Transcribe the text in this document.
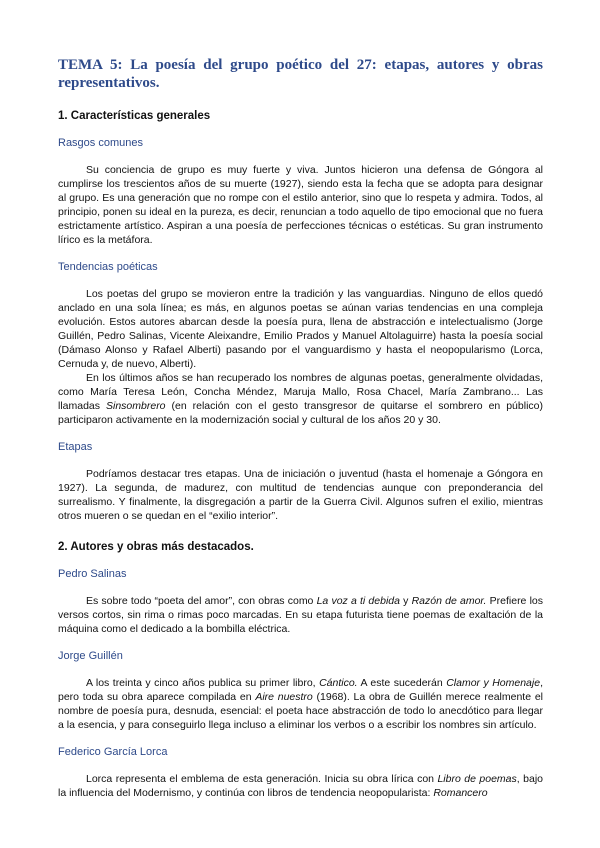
TEMA 5: La poesía del grupo poético del 27: etapas, autores y obras representativos.
1. Características generales
Rasgos comunes

Su conciencia de grupo es muy fuerte y viva. Juntos hicieron una defensa de Góngora al cumplirse los trescientos años de su muerte (1927), siendo esta la fecha que se adopta para designar al grupo. Es una generación que no rompe con el estilo anterior, sino que lo respeta y admira. Todos, al principio, ponen su ideal en la pureza, es decir, renuncian a todo aquello de tipo emocional que no fuera estrictamente artístico. Aspiran a una poesía de perfecciones técnicas o estéticas. Su gran instrumento lírico es la metáfora.

Tendencias poéticas

Los poetas del grupo se movieron entre la tradición y las vanguardias. Ninguno de ellos quedó anclado en una sola línea; es más, en algunos poetas se aúnan varias tendencias en una compleja evolución. Estos autores abarcan desde la poesía pura, llena de abstracción e intelectualismo (Jorge Guillén, Pedro Salinas, Vicente Aleixandre, Emilio Prados y Manuel Altolaguirre) hasta la poesía social (Dámaso Alonso y Rafael Alberti) pasando por el vanguardismo y hasta el neopopularismo (Lorca, Cernuda y, de nuevo, Alberti).

En los últimos años se han recuperado los nombres de algunas poetas, generalmente olvidadas, como María Teresa León, Concha Méndez, Maruja Mallo, Rosa Chacel, María Zambrano... Las llamadas Sinsombrero (en relación con el gesto transgresor de quitarse el sombrero en público) participaron activamente en la modernización social y cultural de los años 20 y 30.

Etapas

Podríamos destacar tres etapas. Una de iniciación o juventud (hasta el homenaje a Góngora en 1927). La segunda, de madurez, con multitud de tendencias aunque con preponderancia del surrealismo. Y finalmente, la disgregación a partir de la Guerra Civil. Algunos sufren el exilio, mientras otros mueren o se quedan en el “exilio interior”.

2. Autores y obras más destacados.
Pedro Salinas

Es sobre todo “poeta del amor”, con obras como La voz a ti debida y Razón de amor. Prefiere los versos cortos, sin rima o rimas poco marcadas. En su etapa futurista tiene poemas de exaltación de la máquina como el dedicado a la bombilla eléctrica.

Jorge Guillén

A los treinta y cinco años publica su primer libro, Cántico. A este sucederán Clamor y Homenaje, pero toda su obra aparece compilada en Aire nuestro (1968). La obra de Guillén merece realmente el nombre de poesía pura, desnuda, esencial: el poeta hace abstracción de todo lo anecdótico para llegar a la esencia, y para conseguirlo llega incluso a eliminar los verbos o a escribir los nombres sin artículo.

Federico García Lorca

Lorca representa el emblema de esta generación. Inicia su obra lírica con Libro de poemas, bajo la influencia del Modernismo, y continúa con libros de tendencia neopopularista: Romancero
